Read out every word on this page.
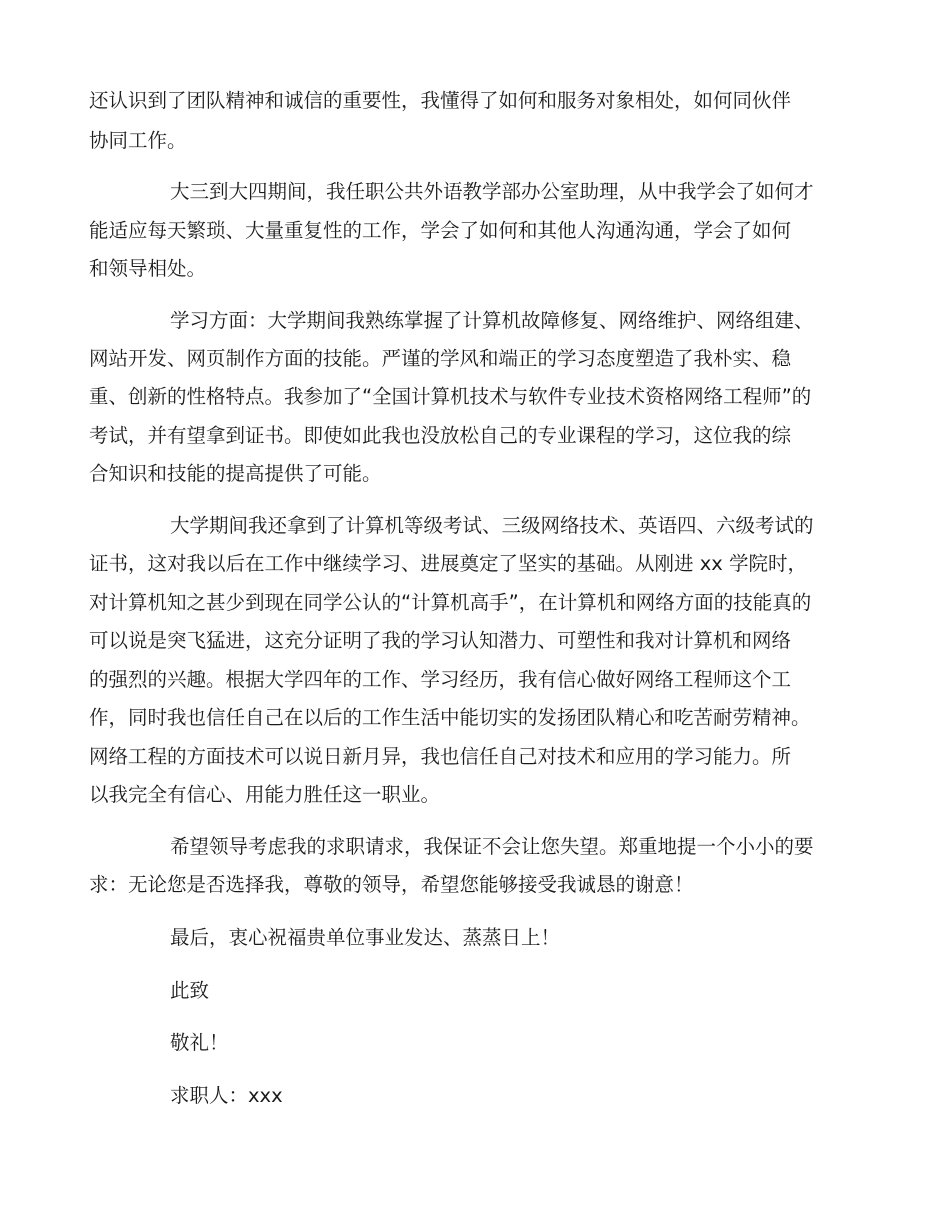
还认识到了团队精神和诚信的重要性，我懂得了如何和服务对象相处，如何同伙伴
协同工作。
大三到大四期间，我任职公共外语教学部办公室助理，从中我学会了如何才
能适应每天繁琐、大量重复性的工作，学会了如何和其他人沟通沟通，学会了如何
和领导相处。
学习方面：大学期间我熟练掌握了计算机故障修复、网络维护、网络组建、
网站开发、网页制作方面的技能。严谨的学风和端正的学习态度塑造了我朴实、稳
重、创新的性格特点。我参加了“全国计算机技术与软件专业技术资格网络工程师”的
考试，并有望拿到证书。即使如此我也没放松自己的专业课程的学习，这位我的综
合知识和技能的提高提供了可能。
大学期间我还拿到了计算机等级考试、三级网络技术、英语四、六级考试的
证书，这对我以后在工作中继续学习、进展奠定了坚实的基础。从刚进 xx 学院时，
对计算机知之甚少到现在同学公认的“计算机高手”，在计算机和网络方面的技能真的
可以说是突飞猛进，这充分证明了我的学习认知潜力、可塑性和我对计算机和网络
的强烈的兴趣。根据大学四年的工作、学习经历，我有信心做好网络工程师这个工
作，同时我也信任自己在以后的工作生活中能切实的发扬团队精心和吃苦耐劳精神。
网络工程的方面技术可以说日新月异，我也信任自己对技术和应用的学习能力。所
以我完全有信心、用能力胜任这一职业。
希望领导考虑我的求职请求，我保证不会让您失望。郑重地提一个小小的要
求：无论您是否选择我，尊敬的领导，希望您能够接受我诚恳的谢意！
最后，衷心祝福贵单位事业发达、蒸蒸日上！
此致
敬礼！
求职人：xxx
